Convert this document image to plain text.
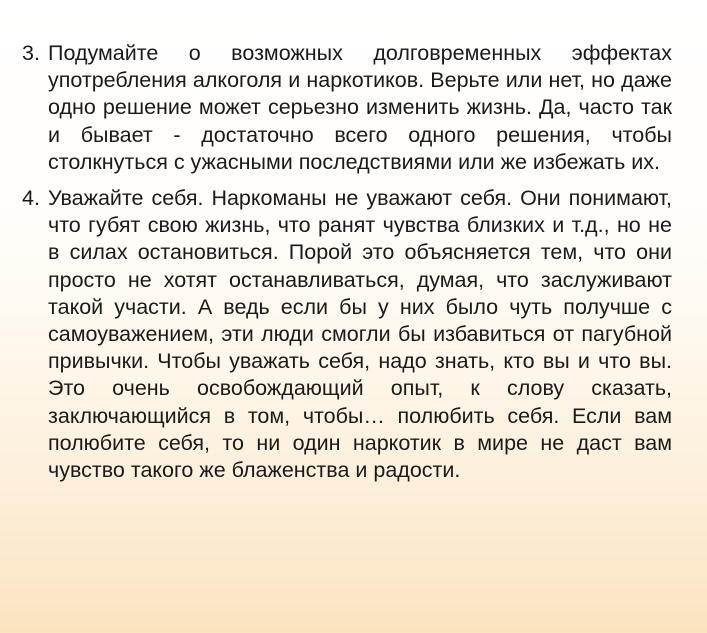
3. Подумайте о возможных долговременных эффектах употребления алкоголя и наркотиков. Верьте или нет, но даже одно решение может серьезно изменить жизнь. Да, часто так и бывает - достаточно всего одного решения, чтобы столкнуться с ужасными последствиями или же избежать их.

4. Уважайте себя. Наркоманы не уважают себя. Они понимают, что губят свою жизнь, что ранят чувства близких и т.д., но не в силах остановиться. Порой это объясняется тем, что они просто не хотят останавливаться, думая, что заслуживают такой участи. А ведь если бы у них было чуть получше с самоуважением, эти люди смогли бы избавиться от пагубной привычки. Чтобы уважать себя, надо знать, кто вы и что вы. Это очень освобождающий опыт, к слову сказать, заключающийся в том, чтобы… полюбить себя. Если вам полюбите себя, то ни один наркотик в мире не даст вам чувство такого же блаженства и радости.
